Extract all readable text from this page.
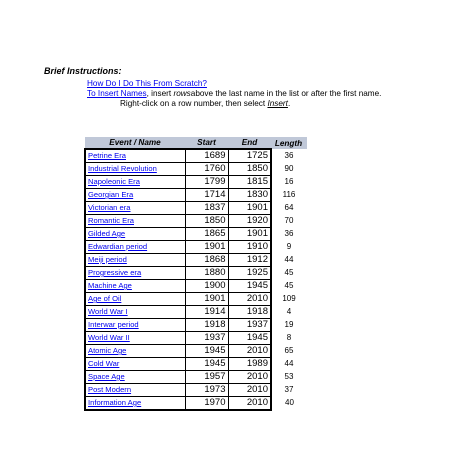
Brief Instructions:
How Do I Do This From Scratch?
To Insert Names, insert rowsabove the last name in the list or after the first name.
Right-click on a row number, then select Insert.
Event / Name	Start	End	Length
Petrine Era	1689	1725	36
Industrial Revolution	1760	1850	90
Napoleonic Era	1799	1815	16
Georgian Era	1714	1830	116
Victorian era	1837	1901	64
Romantic Era	1850	1920	70
Gilded Age	1865	1901	36
Edwardian period	1901	1910	9
Meiji period	1868	1912	44
Progressive era	1880	1925	45
Machine Age	1900	1945	45
Age of Oil	1901	2010	109
World War I	1914	1918	4
Interwar period	1918	1937	19
World War II	1937	1945	8
Atomic Age	1945	2010	65
Cold War	1945	1989	44
Space Age	1957	2010	53
Post Modern	1973	2010	37
Information Age	1970	2010	40
